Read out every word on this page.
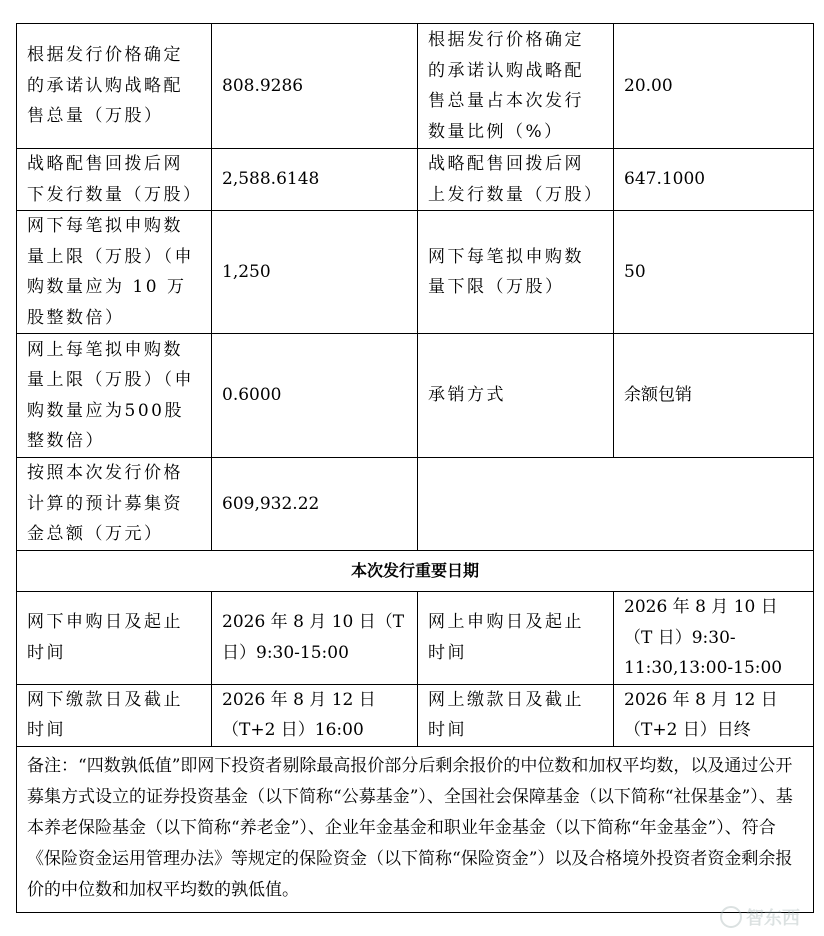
根据发行价格确定的承诺认购战略配售总量（万股）	808.9286	根据发行价格确定的承诺认购战略配售总量占本次发行数量比例（%）	20.00
战略配售回拨后网下发行数量（万股）	2,588.6148	战略配售回拨后网上发行数量（万股）	647.1000
网下每笔拟申购数量上限（万股）（申购数量应为 10 万股整数倍）	1,250	网下每笔拟申购数量下限（万股）	50
网上每笔拟申购数量上限（万股）（申购数量应为500股整数倍）	0.6000	承销方式	余额包销
按照本次发行价格计算的预计募集资金总额（万元）	609,932.22		
本次发行重要日期			
网下申购日及起止时间	2026 年 8 月 10 日（T 日）9:30-15:00	网上申购日及起止时间	2026 年 8 月 10 日（T 日）9:30-11:30,13:00-15:00
网下缴款日及截止时间	2026 年 8 月 12 日（T+2 日）16:00	网上缴款日及截止时间	2026 年 8 月 12 日（T+2 日）日终
备注：“四数孰低值”即网下投资者剔除最高报价部分后剩余报价的中位数和加权平均数，以及通过公开募集方式设立的证券投资基金（以下简称“公募基金”）、全国社会保障基金（以下简称“社保基金”）、基本养老保险基金（以下简称“养老金”）、企业年金基金和职业年金基金（以下简称“年金基金”）、符合《保险资金运用管理办法》等规定的保险资金（以下简称“保险资金”）以及合格境外投资者资金剩余报价的中位数和加权平均数的孰低值。			
智东西
